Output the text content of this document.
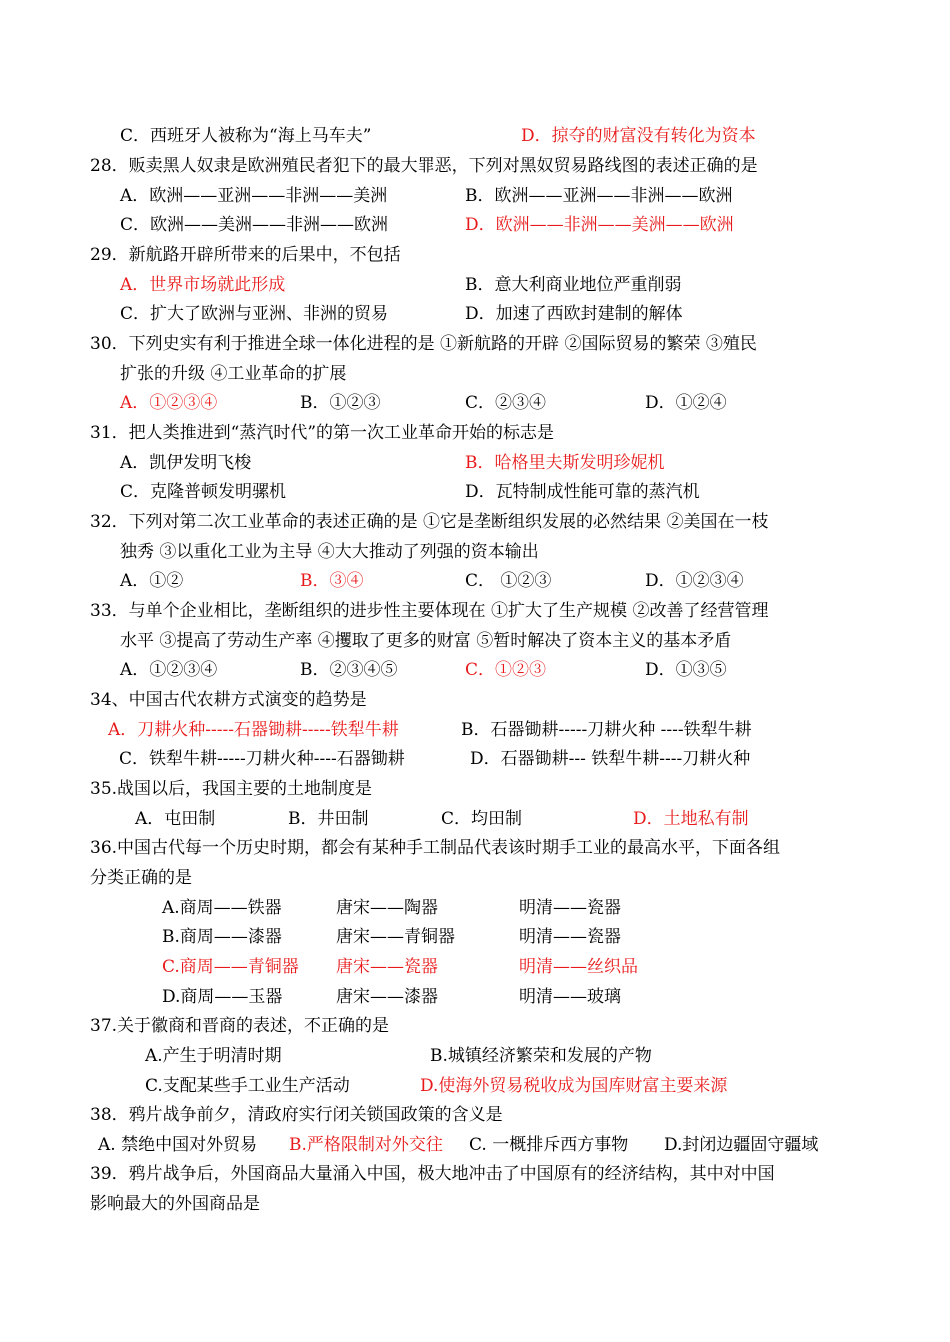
C．西班牙人被称为“海上马车夫”	D．掠夺的财富没有转化为资本
28．贩卖黑人奴隶是欧洲殖民者犯下的最大罪恶，下列对黑奴贸易路线图的表述正确的是
A．欧洲——亚洲——非洲——美洲	B．欧洲——亚洲——非洲——欧洲
C．欧洲——美洲——非洲——欧洲	D．欧洲——非洲——美洲——欧洲
29．新航路开辟所带来的后果中，不包括
A．世界市场就此形成	B．意大利商业地位严重削弱
C．扩大了欧洲与亚洲、非洲的贸易	D．加速了西欧封建制的解体
30．下列史实有利于推进全球一体化进程的是 ①新航路的开辟 ②国际贸易的繁荣 ③殖民
扩张的升级 ④工业革命的扩展
A．①②③④	B．①②③	C．②③④	D．①②④
31．把人类推进到“蒸汽时代”的第一次工业革命开始的标志是
A．凯伊发明飞梭	B．哈格里夫斯发明珍妮机
C．克隆普顿发明骡机	D．瓦特制成性能可靠的蒸汽机
32．下列对第二次工业革命的表述正确的是 ①它是垄断组织发展的必然结果 ②美国在一枝
独秀 ③以重化工业为主导 ④大大推动了列强的资本输出
A．①②	B．③④	C． ①②③	D．①②③④
33．与单个企业相比，垄断组织的进步性主要体现在 ①扩大了生产规模 ②改善了经营管理
水平 ③提高了劳动生产率 ④攫取了更多的财富 ⑤暂时解决了资本主义的基本矛盾
A．①②③④	B．②③④⑤	C．①②③	D．①③⑤
34、中国古代农耕方式演变的趋势是
A．刀耕火种-----石器锄耕-----铁犁牛耕	B．石器锄耕-----刀耕火种 ----铁犁牛耕
C．铁犁牛耕-----刀耕火种----石器锄耕	D．石器锄耕--- 铁犁牛耕----刀耕火种
35.战国以后，我国主要的土地制度是
A．屯田制	B．井田制	C．均田制	D．土地私有制
36.中国古代每一个历史时期，都会有某种手工制品代表该时期手工业的最高水平，下面各组
分类正确的是
A.商周——铁器	唐宋——陶器	明清——瓷器
B.商周——漆器	唐宋——青铜器	明清——瓷器
C.商周——青铜器 唐宋——瓷器	明清——丝织品
D.商周——玉器	唐宋——漆器	明清——玻璃
37.关于徽商和晋商的表述，不正确的是
A.产生于明清时期	B.城镇经济繁荣和发展的产物
C.支配某些手工业生产活动	D.使海外贸易税收成为国库财富主要来源
38．鸦片战争前夕，清政府实行闭关锁国政策的含义是
A. 禁绝中国对外贸易 B.严格限制对外交往 C. 一概排斥西方事物 D.封闭边疆固守疆域
39．鸦片战争后，外国商品大量涌入中国，极大地冲击了中国原有的经济结构，其中对中国
影响最大的外国商品是
